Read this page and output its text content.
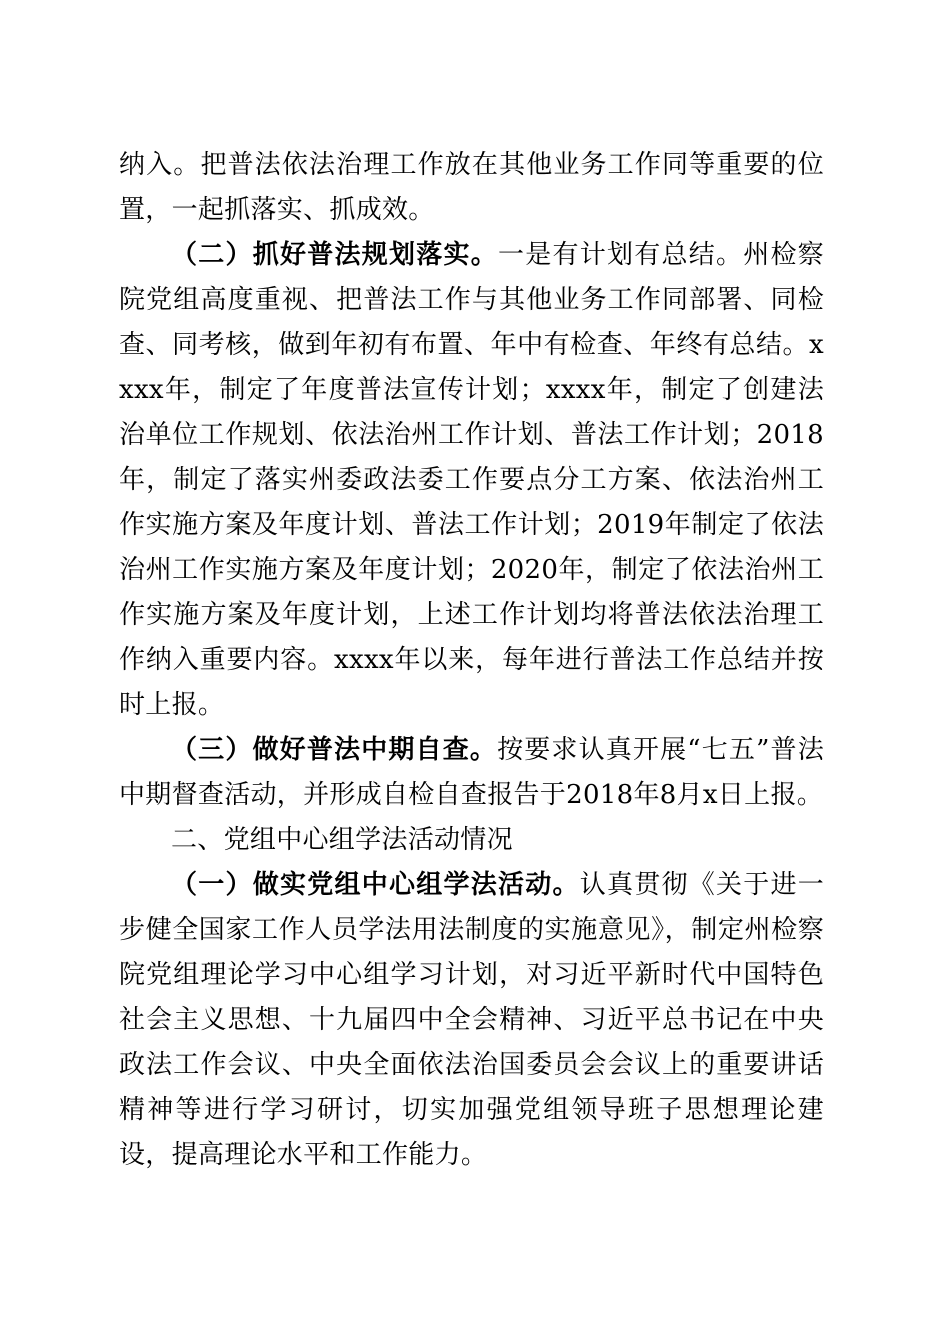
纳入。把普法依法治理工作放在其他业务工作同等重要的位置，一起抓落实、抓成效。

（二）抓好普法规划落实。一是有计划有总结。州检察院党组高度重视、把普法工作与其他业务工作同部署、同检查、同考核，做到年初有布置、年中有检查、年终有总结。xxxx年，制定了年度普法宣传计划；xxxx年，制定了创建法治单位工作规划、依法治州工作计划、普法工作计划；2018年，制定了落实州委政法委工作要点分工方案、依法治州工作实施方案及年度计划、普法工作计划；2019年制定了依法治州工作实施方案及年度计划；2020年，制定了依法治州工作实施方案及年度计划，上述工作计划均将普法依法治理工作纳入重要内容。xxxx年以来，每年进行普法工作总结并按时上报。

（三）做好普法中期自查。按要求认真开展“七五”普法中期督查活动，并形成自检自查报告于2018年8月x日上报。

二、党组中心组学法活动情况

（一）做实党组中心组学法活动。认真贯彻《关于进一步健全国家工作人员学法用法制度的实施意见》，制定州检察院党组理论学习中心组学习计划，对习近平新时代中国特色社会主义思想、十九届四中全会精神、习近平总书记在中央政法工作会议、中央全面依法治国委员会会议上的重要讲话精神等进行学习研讨，切实加强党组领导班子思想理论建设，提高理论水平和工作能力。
